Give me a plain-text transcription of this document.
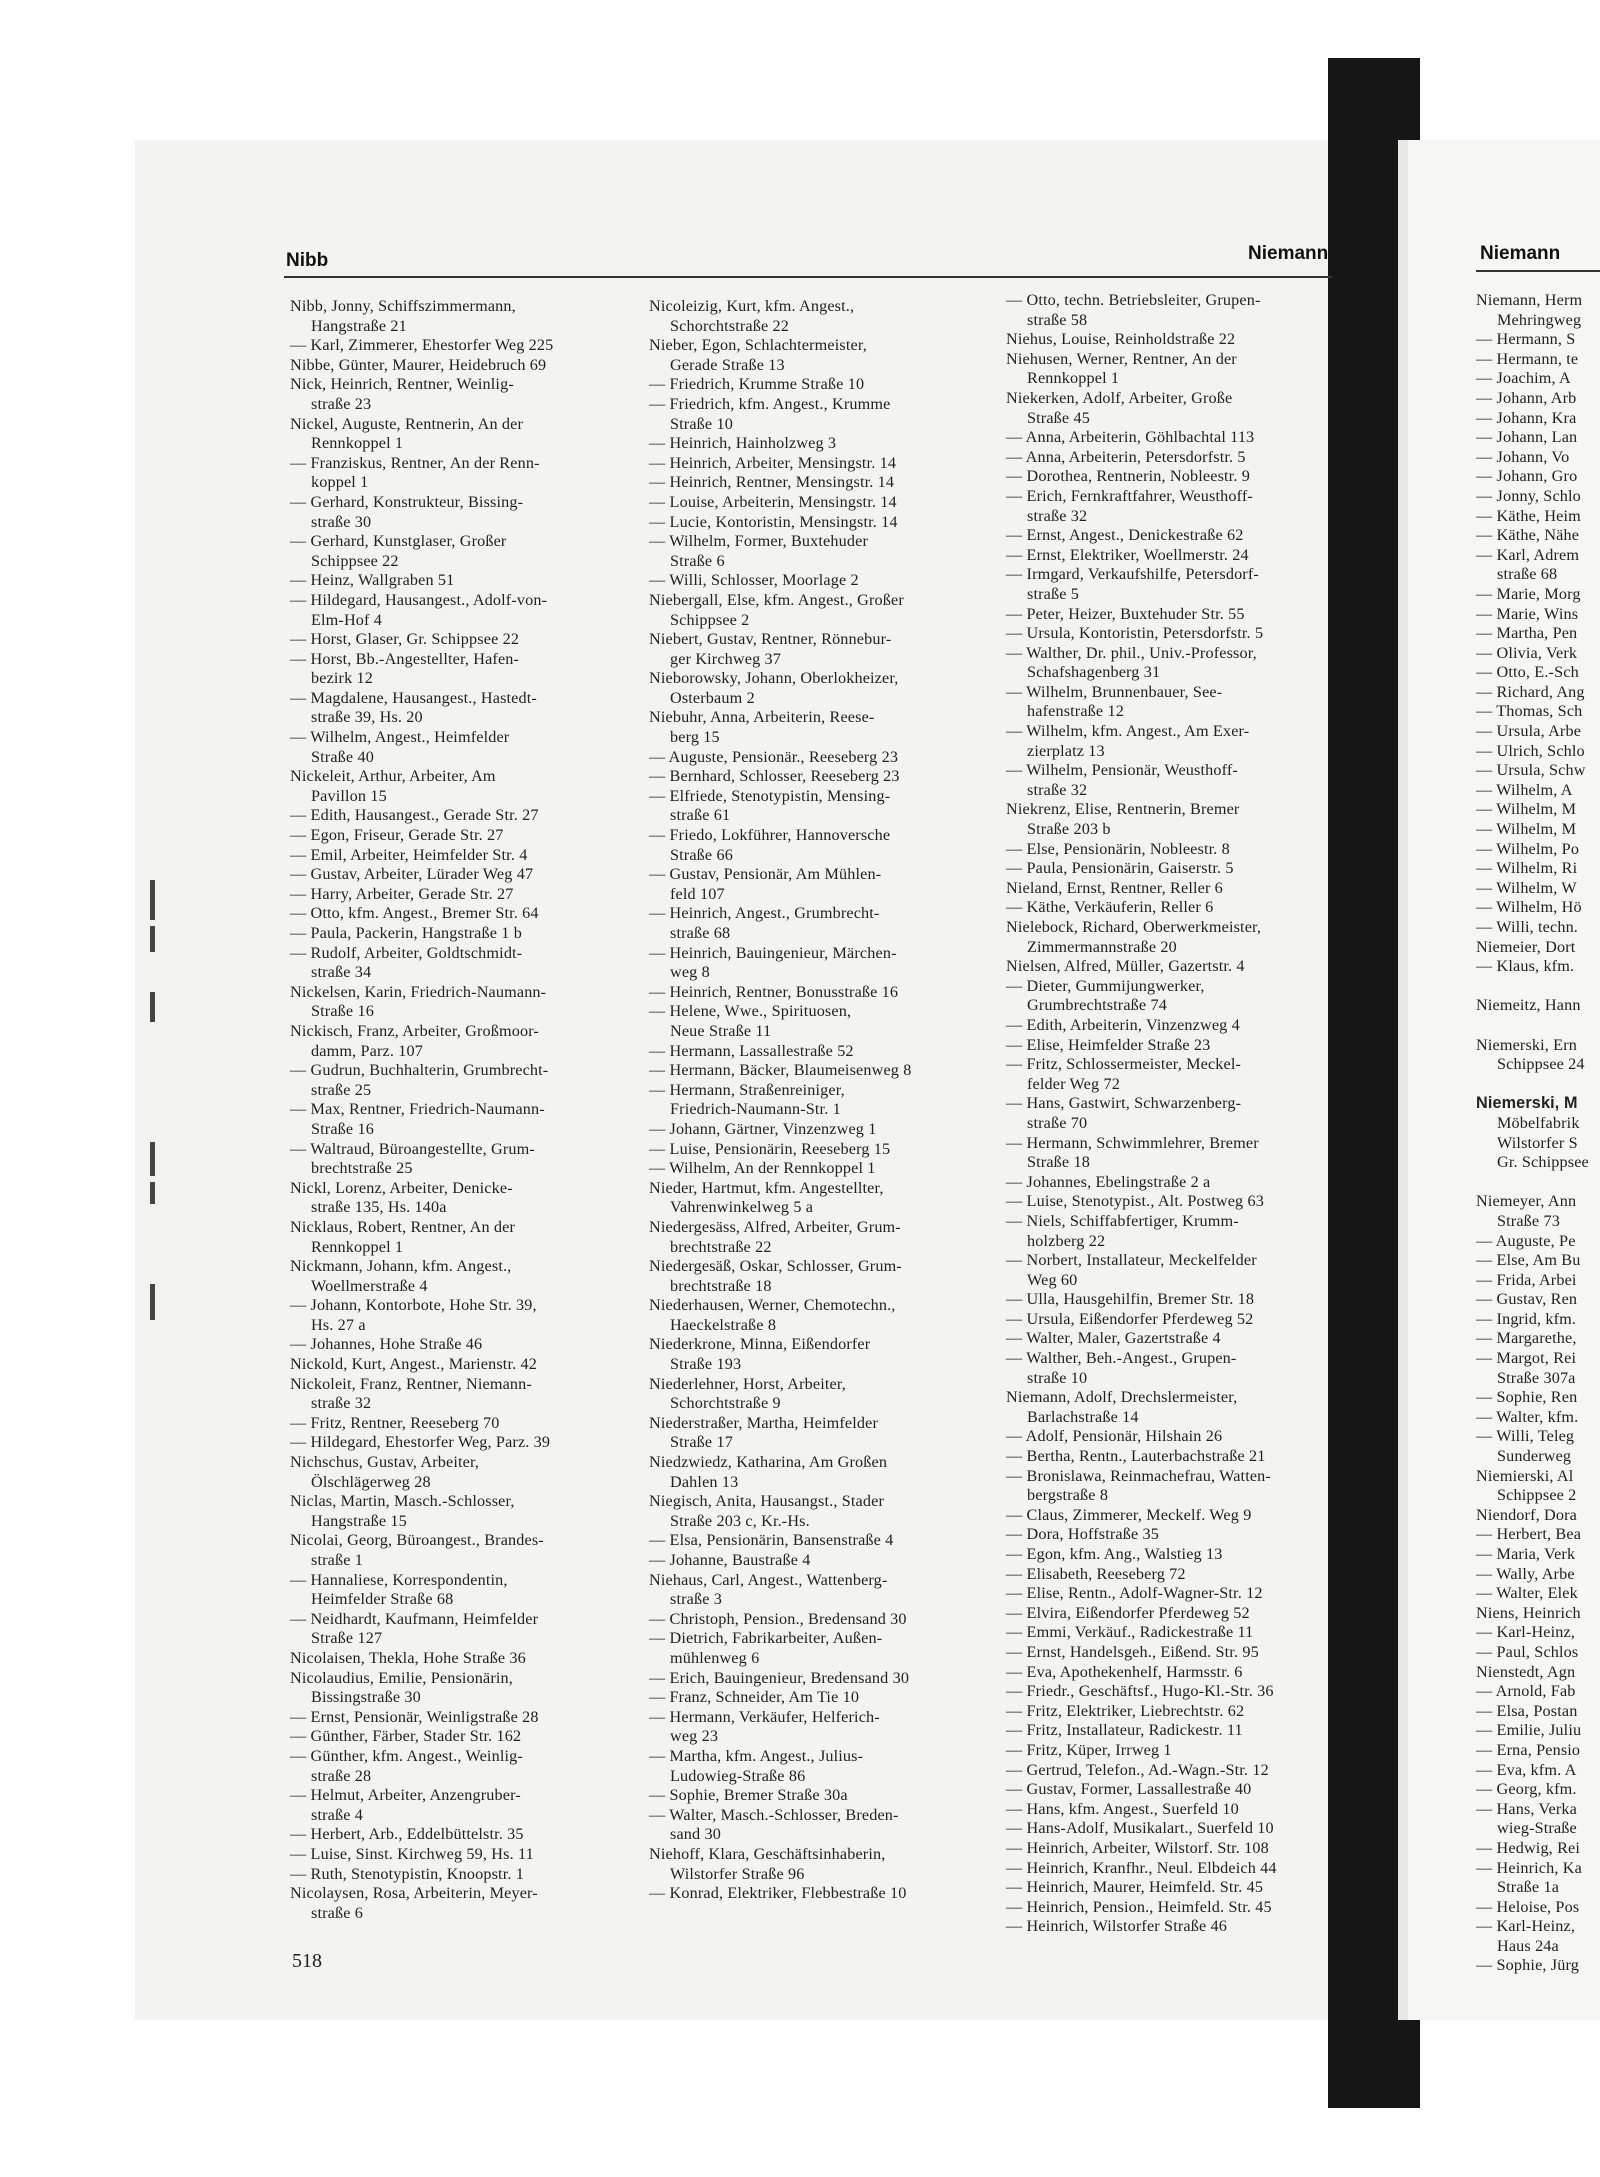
Nibb	Niemann	Niemann
Nibb, Jonny, Schiffszimmermann,
Hangstraße 21
— Karl, Zimmerer, Ehestorfer Weg 225
Nibbe, Günter, Maurer, Heidebruch 69
Nick, Heinrich, Rentner, Weinlig-
straße 23
Nickel, Auguste, Rentnerin, An der
Rennkoppel 1
— Franziskus, Rentner, An der Renn-
koppel 1
— Gerhard, Konstrukteur, Bissing-
straße 30
— Gerhard, Kunstglaser, Großer
Schippsee 22
— Heinz, Wallgraben 51
— Hildegard, Hausangest., Adolf-von-
Elm-Hof 4
— Horst, Glaser, Gr. Schippsee 22
— Horst, Bb.-Angestellter, Hafen-
bezirk 12
— Magdalene, Hausangest., Hastedt-
straße 39, Hs. 20
— Wilhelm, Angest., Heimfelder
Straße 40
Nickeleit, Arthur, Arbeiter, Am
Pavillon 15
— Edith, Hausangest., Gerade Str. 27
— Egon, Friseur, Gerade Str. 27
— Emil, Arbeiter, Heimfelder Str. 4
— Gustav, Arbeiter, Lürader Weg 47
— Harry, Arbeiter, Gerade Str. 27
— Otto, kfm. Angest., Bremer Str. 64
— Paula, Packerin, Hangstraße 1 b
— Rudolf, Arbeiter, Goldtschmidt-
straße 34
Nickelsen, Karin, Friedrich-Naumann-
Straße 16
Nickisch, Franz, Arbeiter, Großmoor-
damm, Parz. 107
— Gudrun, Buchhalterin, Grumbrecht-
straße 25
— Max, Rentner, Friedrich-Naumann-
Straße 16
— Waltraud, Büroangestellte, Grum-
brechtstraße 25
Nickl, Lorenz, Arbeiter, Denicke-
straße 135, Hs. 140a
Nicklaus, Robert, Rentner, An der
Rennkoppel 1
Nickmann, Johann, kfm. Angest.,
Woellmerstraße 4
— Johann, Kontorbote, Hohe Str. 39,
Hs. 27 a
— Johannes, Hohe Straße 46
Nickold, Kurt, Angest., Marienstr. 42
Nickoleit, Franz, Rentner, Niemann-
straße 32
— Fritz, Rentner, Reeseberg 70
— Hildegard, Ehestorfer Weg, Parz. 39
Nichschus, Gustav, Arbeiter,
Ölschlägerweg 28
Niclas, Martin, Masch.-Schlosser,
Hangstraße 15
Nicolai, Georg, Büroangest., Brandes-
straße 1
— Hannaliese, Korrespondentin,
Heimfelder Straße 68
— Neidhardt, Kaufmann, Heimfelder
Straße 127
Nicolaisen, Thekla, Hohe Straße 36
Nicolaudius, Emilie, Pensionärin,
Bissingstraße 30
— Ernst, Pensionär, Weinligstraße 28
— Günther, Färber, Stader Str. 162
— Günther, kfm. Angest., Weinlig-
straße 28
— Helmut, Arbeiter, Anzengruber-
straße 4
— Herbert, Arb., Eddelbüttelstr. 35
— Luise, Sinst. Kirchweg 59, Hs. 11
— Ruth, Stenotypistin, Knoopstr. 1
Nicolaysen, Rosa, Arbeiterin, Meyer-
straße 6
Nicoleizig, Kurt, kfm. Angest.,
Schorchtstraße 22
Nieber, Egon, Schlachtermeister,
Gerade Straße 13
— Friedrich, Krumme Straße 10
— Friedrich, kfm. Angest., Krumme
Straße 10
— Heinrich, Hainholzweg 3
— Heinrich, Arbeiter, Mensingstr. 14
— Heinrich, Rentner, Mensingstr. 14
— Louise, Arbeiterin, Mensingstr. 14
— Lucie, Kontoristin, Mensingstr. 14
— Wilhelm, Former, Buxtehuder
Straße 6
— Willi, Schlosser, Moorlage 2
Niebergall, Else, kfm. Angest., Großer
Schippsee 2
Niebert, Gustav, Rentner, Rönnebur-
ger Kirchweg 37
Nieborowsky, Johann, Oberlokheizer,
Osterbaum 2
Niebuhr, Anna, Arbeiterin, Reese-
berg 15
— Auguste, Pensionär., Reeseberg 23
— Bernhard, Schlosser, Reeseberg 23
— Elfriede, Stenotypistin, Mensing-
straße 61
— Friedo, Lokführer, Hannoversche
Straße 66
— Gustav, Pensionär, Am Mühlen-
feld 107
— Heinrich, Angest., Grumbrecht-
straße 68
— Heinrich, Bauingenieur, Märchen-
weg 8
— Heinrich, Rentner, Bonusstraße 16
— Helene, Wwe., Spirituosen,
Neue Straße 11
— Hermann, Lassallestraße 52
— Hermann, Bäcker, Blaumeisenweg 8
— Hermann, Straßenreiniger,
Friedrich-Naumann-Str. 1
— Johann, Gärtner, Vinzenzweg 1
— Luise, Pensionärin, Reeseberg 15
— Wilhelm, An der Rennkoppel 1
Nieder, Hartmut, kfm. Angestellter,
Vahrenwinkelweg 5 a
Niedergesäss, Alfred, Arbeiter, Grum-
brechtstraße 22
Niedergesäß, Oskar, Schlosser, Grum-
brechtstraße 18
Niederhausen, Werner, Chemotechn.,
Haeckelstraße 8
Niederkrone, Minna, Eißendorfer
Straße 193
Niederlehner, Horst, Arbeiter,
Schorchtstraße 9
Niederstraßer, Martha, Heimfelder
Straße 17
Niedzwiedz, Katharina, Am Großen
Dahlen 13
Niegisch, Anita, Hausangst., Stader
Straße 203 c, Kr.-Hs.
— Elsa, Pensionärin, Bansenstraße 4
— Johanne, Baustraße 4
Niehaus, Carl, Angest., Wattenberg-
straße 3
— Christoph, Pension., Bredensand 30
— Dietrich, Fabrikarbeiter, Außen-
mühlenweg 6
— Erich, Bauingenieur, Bredensand 30
— Franz, Schneider, Am Tie 10
— Hermann, Verkäufer, Helferich-
weg 23
— Martha, kfm. Angest., Julius-
Ludowieg-Straße 86
— Sophie, Bremer Straße 30a
— Walter, Masch.-Schlosser, Breden-
sand 30
Niehoff, Klara, Geschäftsinhaberin,
Wilstorfer Straße 96
— Konrad, Elektriker, Flebbestraße 10
— Otto, techn. Betriebsleiter, Grupen-
straße 58
Niehus, Louise, Reinholdstraße 22
Niehusen, Werner, Rentner, An der
Rennkoppel 1
Niekerken, Adolf, Arbeiter, Große
Straße 45
— Anna, Arbeiterin, Göhlbachtal 113
— Anna, Arbeiterin, Petersdorfstr. 5
— Dorothea, Rentnerin, Nobleestr. 9
— Erich, Fernkraftfahrer, Weusthoff-
straße 32
— Ernst, Angest., Denickestraße 62
— Ernst, Elektriker, Woellmerstr. 24
— Irmgard, Verkaufshilfe, Petersdorf-
straße 5
— Peter, Heizer, Buxtehuder Str. 55
— Ursula, Kontoristin, Petersdorfstr. 5
— Walther, Dr. phil., Univ.-Professor,
Schafshagenberg 31
— Wilhelm, Brunnenbauer, See-
hafenstraße 12
— Wilhelm, kfm. Angest., Am Exer-
zierplatz 13
— Wilhelm, Pensionär, Weusthoff-
straße 32
Niekrenz, Elise, Rentnerin, Bremer
Straße 203 b
— Else, Pensionärin, Nobleestr. 8
— Paula, Pensionärin, Gaiserstr. 5
Nieland, Ernst, Rentner, Reller 6
— Käthe, Verkäuferin, Reller 6
Nielebock, Richard, Oberwerkmeister,
Zimmermannstraße 20
Nielsen, Alfred, Müller, Gazertstr. 4
— Dieter, Gummijungwerker,
Grumbrechtstraße 74
— Edith, Arbeiterin, Vinzenzweg 4
— Elise, Heimfelder Straße 23
— Fritz, Schlossermeister, Meckel-
felder Weg 72
— Hans, Gastwirt, Schwarzenberg-
straße 70
— Hermann, Schwimmlehrer, Bremer
Straße 18
— Johannes, Ebelingstraße 2 a
— Luise, Stenotypist., Alt. Postweg 63
— Niels, Schiffabfertiger, Krumm-
holzberg 22
— Norbert, Installateur, Meckelfelder
Weg 60
— Ulla, Hausgehilfin, Bremer Str. 18
— Ursula, Eißendorfer Pferdeweg 52
— Walter, Maler, Gazertstraße 4
— Walther, Beh.-Angest., Grupen-
straße 10
Niemann, Adolf, Drechslermeister,
Barlachstraße 14
— Adolf, Pensionär, Hilshain 26
— Bertha, Rentn., Lauterbachstraße 21
— Bronislawa, Reinmachefrau, Watten-
bergstraße 8
— Claus, Zimmerer, Meckelf. Weg 9
— Dora, Hoffstraße 35
— Egon, kfm. Ang., Walstieg 13
— Elisabeth, Reeseberg 72
— Elise, Rentn., Adolf-Wagner-Str. 12
— Elvira, Eißendorfer Pferdeweg 52
— Emmi, Verkäuf., Radickestraße 11
— Ernst, Handelsgeh., Eißend. Str. 95
— Eva, Apothekenhelf, Harmsstr. 6
— Friedr., Geschäftsf., Hugo-Kl.-Str. 36
— Fritz, Elektriker, Liebrechtstr. 62
— Fritz, Installateur, Radickestr. 11
— Fritz, Küper, Irrweg 1
— Gertrud, Telefon., Ad.-Wagn.-Str. 12
— Gustav, Former, Lassallestraße 40
— Hans, kfm. Angest., Suerfeld 10
— Hans-Adolf, Musikalart., Suerfeld 10
— Heinrich, Arbeiter, Wilstorf. Str. 108
— Heinrich, Kranfhr., Neul. Elbdeich 44
— Heinrich, Maurer, Heimfeld. Str. 45
— Heinrich, Pension., Heimfeld. Str. 45
— Heinrich, Wilstorfer Straße 46
Niemann, Herm
Mehringweg
— Hermann, S
— Hermann, te
— Joachim, A
— Johann, Arb
— Johann, Kra
— Johann, Lan
— Johann, Vo
— Johann, Gro
— Jonny, Schlo
— Käthe, Heim
— Käthe, Nähe
— Karl, Adrem
straße 68
— Marie, Morg
— Marie, Wins
— Martha, Pen
— Olivia, Verk
— Otto, E.-Sch
— Richard, Ang
— Thomas, Sch
— Ursula, Arbe
— Ulrich, Schlo
— Ursula, Schw
— Wilhelm, A
— Wilhelm, M
— Wilhelm, M
— Wilhelm, Po
— Wilhelm, Ri
— Wilhelm, W
— Wilhelm, Hö
— Willi, techn.
Niemeier, Dort
— Klaus, kfm.

Niemeitz, Hann

Niemerski, Ern
Schippsee 24

Niemerski, M
Möbelfabrik
Wilstorfer S
Gr. Schippsee

Niemeyer, Ann
Straße 73
— Auguste, Pe
— Else, Am Bu
— Frida, Arbei
— Gustav, Ren
— Ingrid, kfm.
— Margarethe,
— Margot, Rei
Straße 307a
— Sophie, Ren
— Walter, kfm.
— Willi, Teleg
Sunderweg
Niemierski, Al
Schippsee 2
Niendorf, Dora
— Herbert, Bea
— Maria, Verk
— Wally, Arbe
— Walter, Elek
Niens, Heinrich
— Karl-Heinz,
— Paul, Schlos
Nienstedt, Agn
— Arnold, Fab
— Elsa, Postan
— Emilie, Juliu
— Erna, Pensio
— Eva, kfm. A
— Georg, kfm.
— Hans, Verka
wieg-Straße
— Hedwig, Rei
— Heinrich, Ka
Straße 1a
— Heloise, Pos
— Karl-Heinz,
Haus 24a
— Sophie, Jürg
518
